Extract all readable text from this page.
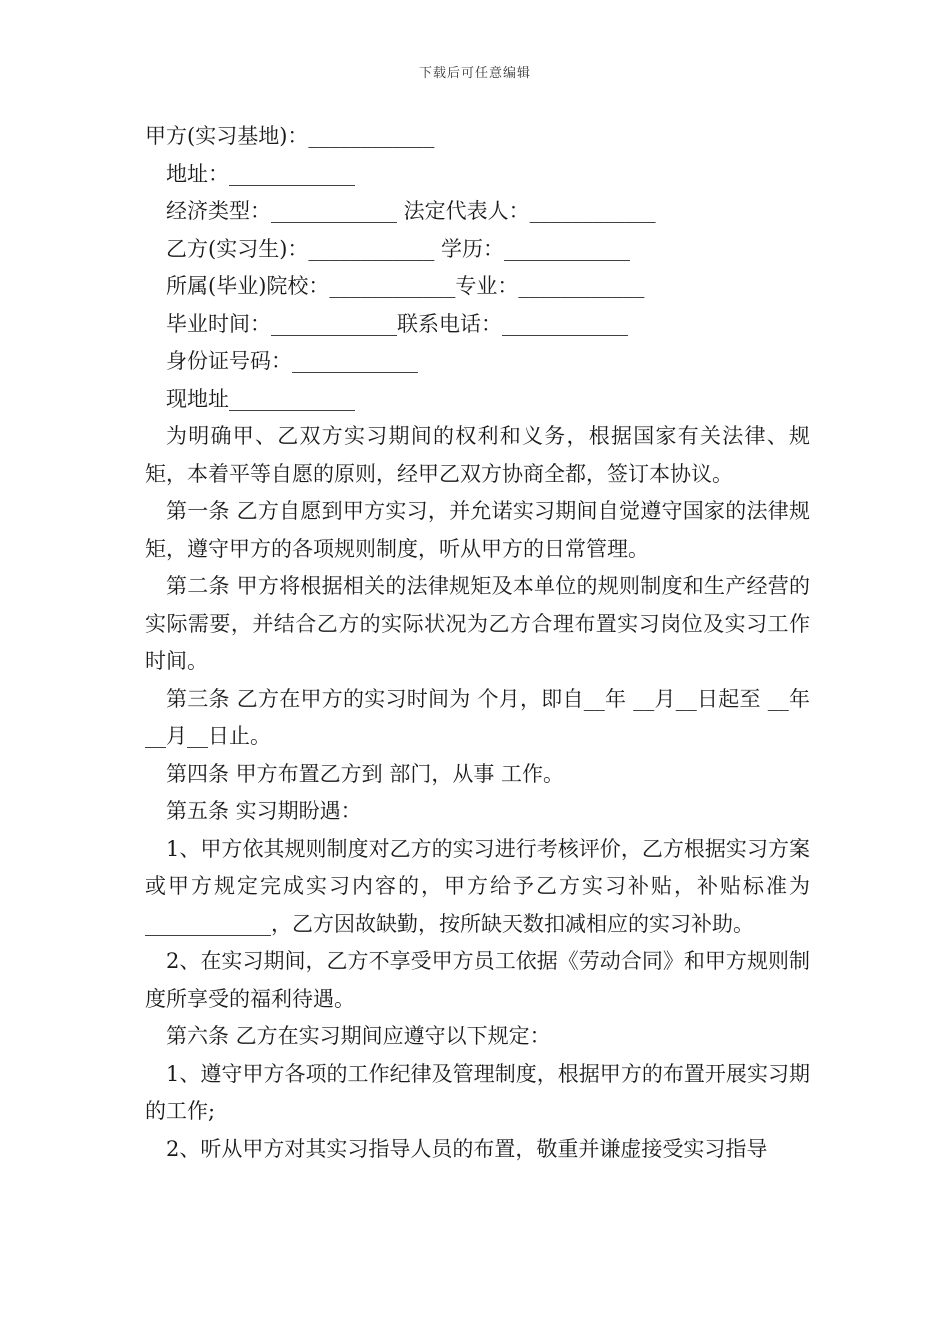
下载后可任意编辑
甲方(实习基地)：____________
地址：____________
经济类型：____________ 法定代表人：____________
乙方(实习生)：____________ 学历：____________
所属(毕业)院校：____________专业：____________
毕业时间：____________联系电话：____________
身份证号码：____________
现地址____________
为明确甲、乙双方实习期间的权利和义务，根据国家有关法律、规矩，本着平等自愿的原则，经甲乙双方协商全都，签订本协议。
第一条 乙方自愿到甲方实习，并允诺实习期间自觉遵守国家的法律规矩，遵守甲方的各项规则制度，听从甲方的日常管理。
第二条 甲方将根据相关的法律规矩及本单位的规则制度和生产经营的实际需要，并结合乙方的实际状况为乙方合理布置实习岗位及实习工作时间。
第三条 乙方在甲方的实习时间为 个月，即自__年 __月__日起至 __年__月__日止。
第四条 甲方布置乙方到 部门，从事 工作。
第五条 实习期盼遇：
1、甲方依其规则制度对乙方的实习进行考核评价，乙方根据实习方案或甲方规定完成实习内容的，甲方给予乙方实习补贴，补贴标准为 ____________，乙方因故缺勤，按所缺天数扣减相应的实习补助。
2、在实习期间，乙方不享受甲方员工依据《劳动合同》和甲方规则制度所享受的福利待遇。
第六条 乙方在实习期间应遵守以下规定：
1、遵守甲方各项的工作纪律及管理制度，根据甲方的布置开展实习期的工作;
2、听从甲方对其实习指导人员的布置，敬重并谦虚接受实习指导
